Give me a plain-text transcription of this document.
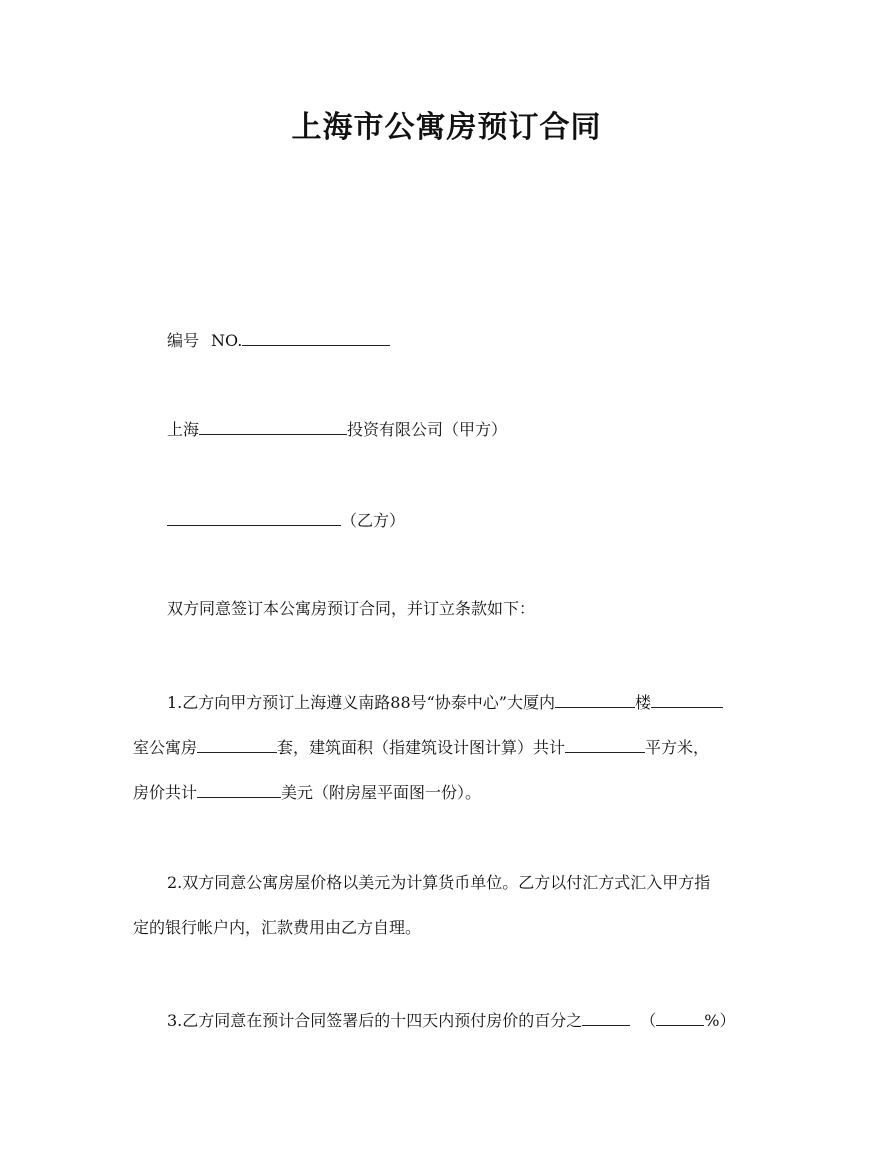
上海市公寓房预订合同
编号 NO.
上海	投资有限公司（甲方）
（乙方）
双方同意签订本公寓房预订合同，并订立条款如下：
1.乙方向甲方预订上海遵义南路88号“协泰中心”大厦内	楼
室公寓房	套，建筑面积（指建筑设计图计算）共计	平方米，
房价共计	美元（附房屋平面图一份）。
2.双方同意公寓房屋价格以美元为计算货币单位。乙方以付汇方式汇入甲方指
定的银行帐户内，汇款费用由乙方自理。
3.乙方同意在预计合同签署后的十四天内预付房价的百分之	（	%）
